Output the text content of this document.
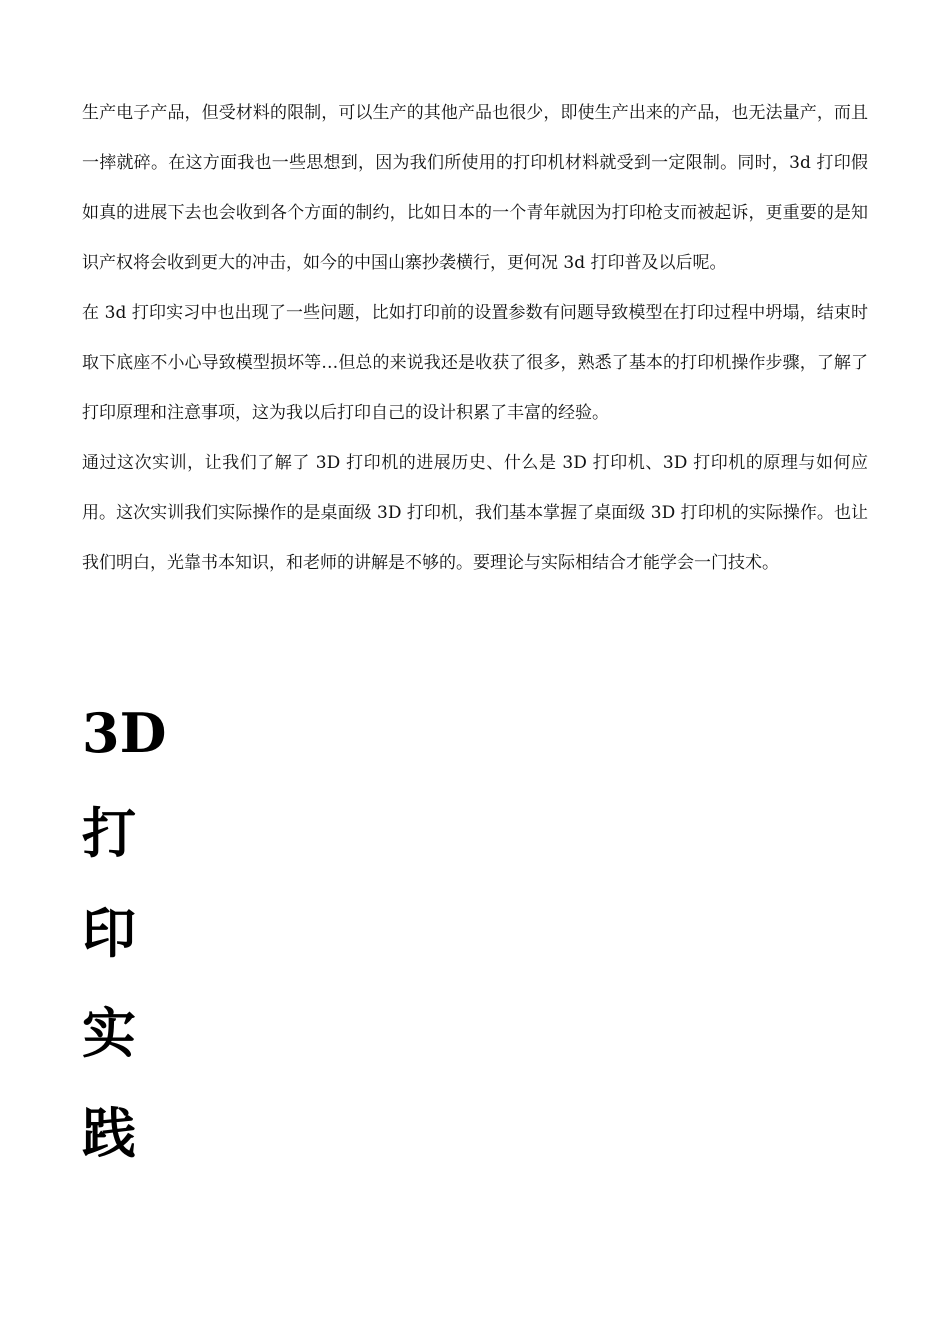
生产电子产品，但受材料的限制，可以生产的其他产品也很少，即使生产出来的产品，也无法量产，而且一摔就碎。在这方面我也一些思想到，因为我们所使用的打印机材料就受到一定限制。同时，3d 打印假如真的进展下去也会收到各个方面的制约，比如日本的一个青年就因为打印枪支而被起诉，更重要的是知识产权将会收到更大的冲击，如今的中国山寨抄袭横行，更何况 3d 打印普及以后呢。

在 3d 打印实习中也出现了一些问题，比如打印前的设置参数有问题导致模型在打印过程中坍塌，结束时取下底座不小心导致模型损坏等…但总的来说我还是收获了很多，熟悉了基本的打印机操作步骤，了解了打印原理和注意事项，这为我以后打印自己的设计积累了丰富的经验。

通过这次实训，让我们了解了 3D 打印机的进展历史、什么是 3D 打印机、3D 打印机的原理与如何应用。这次实训我们实际操作的是桌面级 3D 打印机，我们基本掌握了桌面级 3D 打印机的实际操作。也让我们明白，光靠书本知识，和老师的讲解是不够的。要理论与实际相结合才能学会一门技术。

3D
打
印
实
践
